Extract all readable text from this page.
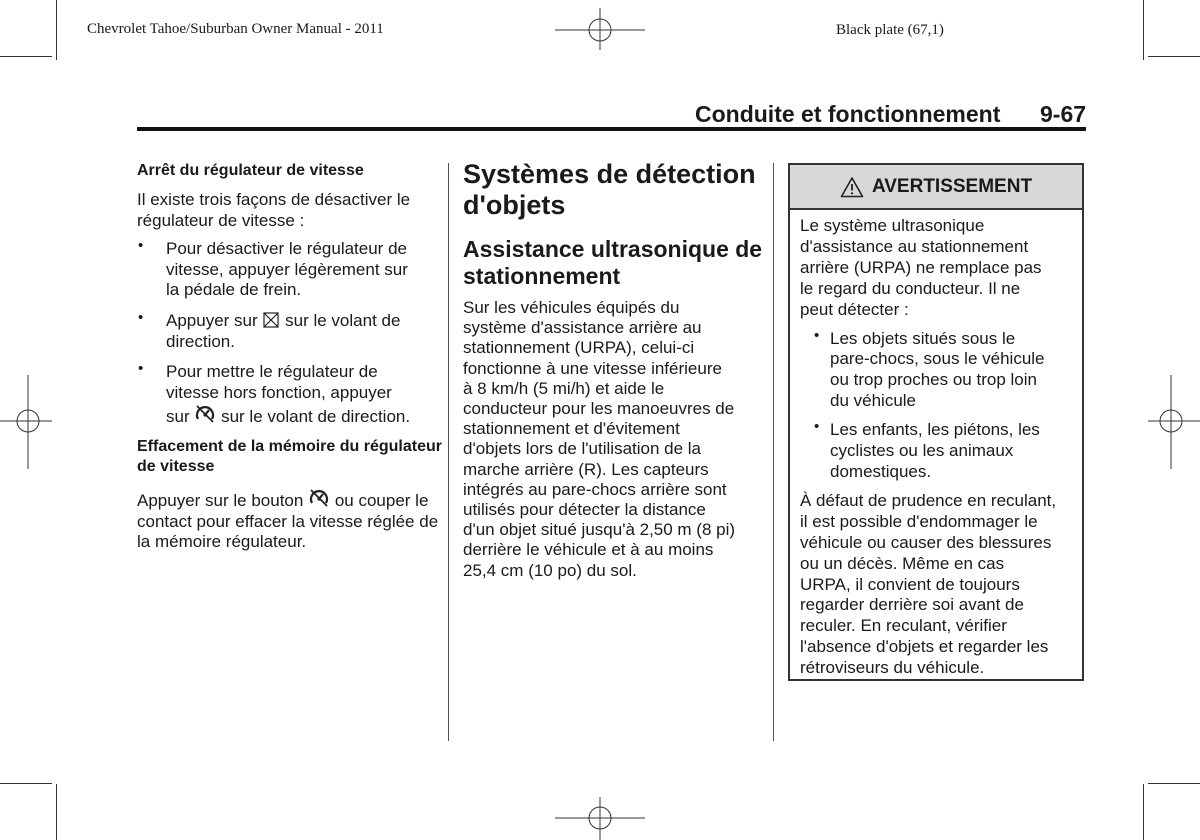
Chevrolet Tahoe/Suburban Owner Manual - 2011	Black plate (67,1)
Conduite et fonctionnement 9-67

Arrêt du régulateur de vitesse

Il existe trois façons de désactiver le régulateur de vitesse :

• Pour désactiver le régulateur de
vitesse, appuyer légèrement sur
la pédale de frein.
• Appuyer sur sur le volant de
direction.
• Pour mettre le régulateur de
vitesse hors fonction, appuyer
sur sur le volant de direction.

Effacement de la mémoire du régulateur de vitesse

Appuyer sur le bouton ou couper le contact pour effacer la vitesse réglée de la mémoire régulateur.

Systèmes de détection d'objets

Assistance ultrasonique de stationnement

Sur les véhicules équipés du
système d'assistance arrière au
stationnement (URPA), celui-ci
fonctionne à une vitesse inférieure
à 8 km/h (5 mi/h) et aide le
conducteur pour les manoeuvres de
stationnement et d'évitement
d'objets lors de l'utilisation de la
marche arrière (R). Les capteurs
intégrés au pare-chocs arrière sont
utilisés pour détecter la distance
d'un objet situé jusqu'à 2,50 m (8 pi)
derrière le véhicule et à au moins
25,4 cm (10 po) du sol.
AVERTISSEMENT

Le système ultrasonique
d'assistance au stationnement
arrière (URPA) ne remplace pas
le regard du conducteur. Il ne
peut détecter :

• Les objets situés sous le
pare-chocs, sous le véhicule
ou trop proches ou trop loin
du véhicule
• Les enfants, les piétons, les
cyclistes ou les animaux
domestiques.

À défaut de prudence en reculant,
il est possible d'endommager le
véhicule ou causer des blessures
ou un décès. Même en cas
URPA, il convient de toujours
regarder derrière soi avant de
reculer. En reculant, vérifier
l'absence d'objets et regarder les
rétroviseurs du véhicule.
